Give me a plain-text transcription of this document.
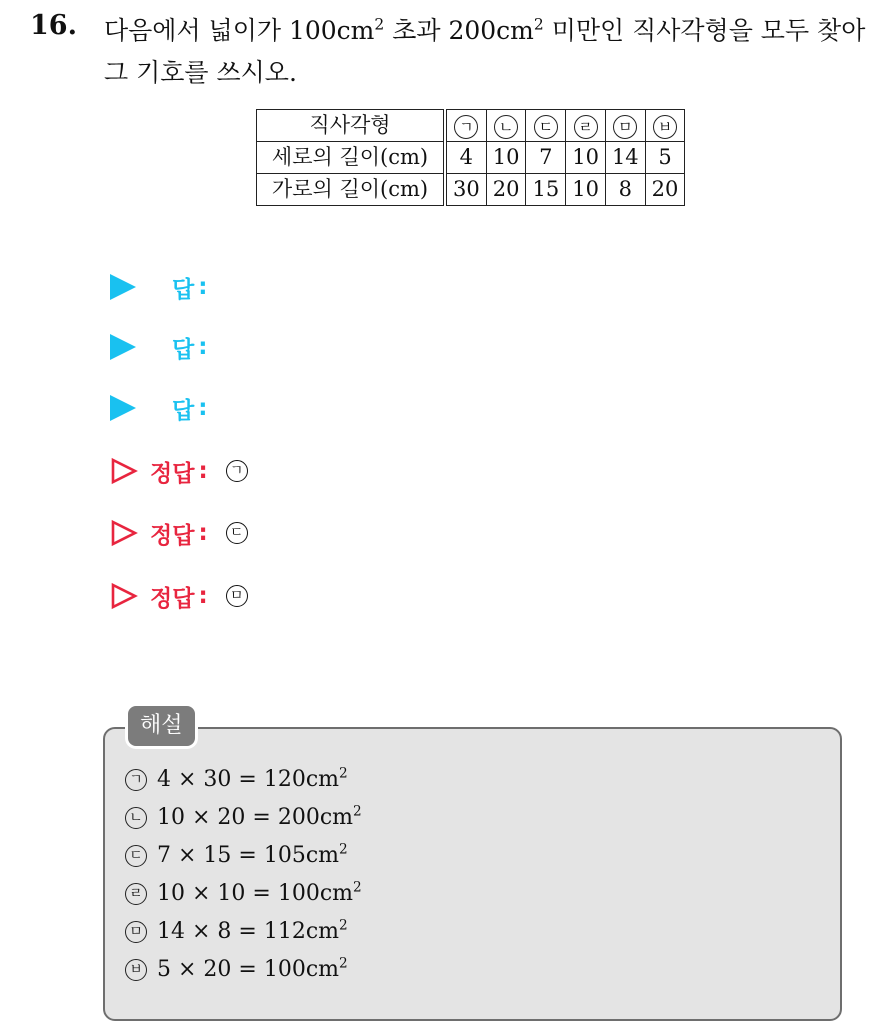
16. 다음에서 넓이가 $100cm^2$ 초과 $200cm^2$ 미만인 직사각형을 모두 찾아 그 기호를 쓰시오.
직사각형	ㄱ	ㄴ	ㄷ	ㄹ	ㅁ	ㅂ
세로의 길이(cm)	4	10	7	10	14	5
가로의 길이(cm)	30	20	15	10	8	20
답 :
답 :
답 :
정답 :	ㄱ
정답 :	ㄷ
정답 :	ㅁ
해설
ㄱ $4 \times 30 = 120cm^2$
ㄴ $10 \times 20 = 200cm^2$
ㄷ $7 \times 15 = 105cm^2$
ㄹ $10 \times 10 = 100cm^2$
ㅁ $14 \times 8 = 112cm^2$
ㅂ $5 \times 20 = 100cm^2$
